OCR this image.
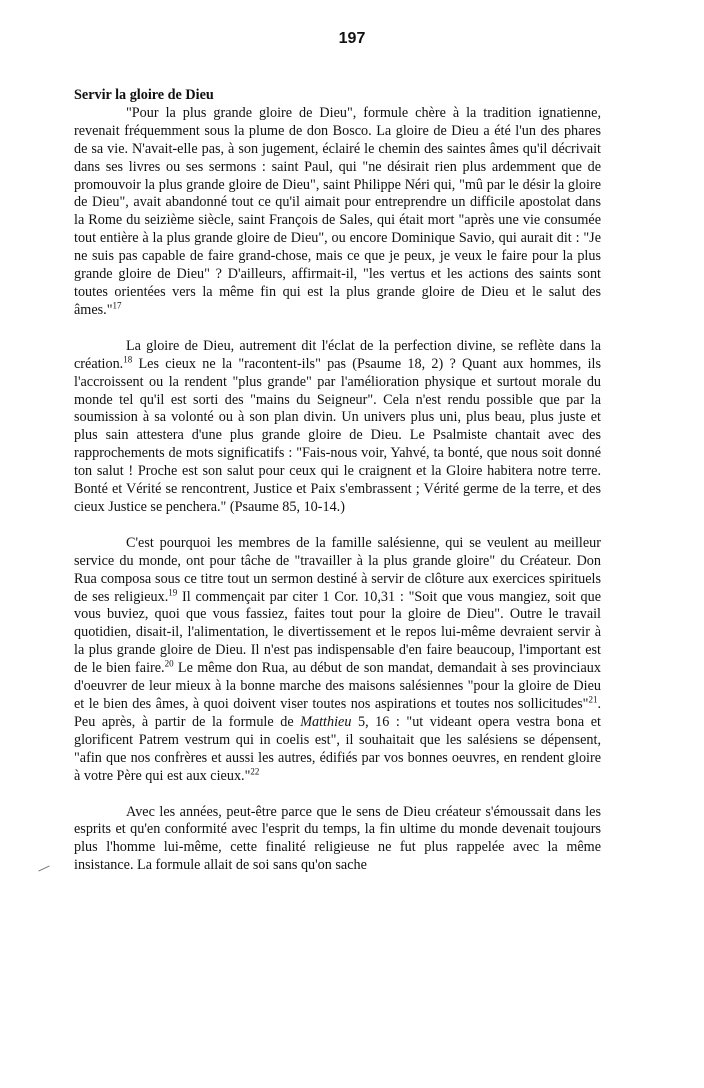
197

Servir la gloire de Dieu

"Pour la plus grande gloire de Dieu", formule chère à la tradition ignatienne, revenait fréquemment sous la plume de don Bosco. La gloire de Dieu a été l'un des phares de sa vie. N'avait-elle pas, à son jugement, éclairé le chemin des saintes âmes qu'il décrivait dans ses livres ou ses sermons : saint Paul, qui "ne désirait rien plus ardemment que de promouvoir la plus grande gloire de Dieu", saint Philippe Néri qui, "mû par le désir la gloire de Dieu", avait abandonné tout ce qu'il aimait pour entreprendre un difficile apostolat dans la Rome du seizième siècle, saint François de Sales, qui était mort "après une vie consumée tout entière à la plus grande gloire de Dieu", ou encore Dominique Savio, qui aurait dit : "Je ne suis pas capable de faire grand-chose, mais ce que je peux, je veux le faire pour la plus grande gloire de Dieu" ? D'ailleurs, affirmait-il, "les vertus et les actions des saints sont toutes orientées vers la même fin qui est la plus grande gloire de Dieu et le salut des âmes."$^{17}$

La gloire de Dieu, autrement dit l'éclat de la perfection divine, se reflète dans la création.$^{18}$ Les cieux ne la "racontent-ils" pas (Psaume 18, 2) ? Quant aux hommes, ils l'accroissent ou la rendent "plus grande" par l'amélioration physique et surtout morale du monde tel qu'il est sorti des "mains du Seigneur". Cela n'est rendu possible que par la soumission à sa volonté ou à son plan divin. Un univers plus uni, plus beau, plus juste et plus sain attestera d'une plus grande gloire de Dieu. Le Psalmiste chantait avec des rapprochements de mots significatifs : "Fais-nous voir, Yahvé, ta bonté, que nous soit donné ton salut ! Proche est son salut pour ceux qui le craignent et la Gloire habitera notre terre. Bonté et Vérité se rencontrent, Justice et Paix s'embrassent ; Vérité germe de la terre, et des cieux Justice se penchera." (Psaume 85, 10-14.)

C'est pourquoi les membres de la famille salésienne, qui se veulent au meilleur service du monde, ont pour tâche de "travailler à la plus grande gloire" du Créateur. Don Rua composa sous ce titre tout un sermon destiné à servir de clôture aux exercices spirituels de ses religieux.$^{19}$ Il commençait par citer 1 Cor. 10,31 : "Soit que vous mangiez, soit que vous buviez, quoi que vous fassiez, faites tout pour la gloire de Dieu". Outre le travail quotidien, disait-il, l'alimentation, le divertissement et le repos lui-même devraient servir à la plus grande gloire de Dieu. Il n'est pas indispensable d'en faire beaucoup, l'important est de le bien faire.$^{20}$ Le même don Rua, au début de son mandat, demandait à ses provinciaux d'oeuvrer de leur mieux à la bonne marche des maisons salésiennes "pour la gloire de Dieu et le bien des âmes, à quoi doivent viser toutes nos aspirations et toutes nos sollicitudes"$^{21}$. Peu après, à partir de la formule de Matthieu 5, 16 : "ut videant opera vestra bona et glorificent Patrem vestrum qui in coelis est", il souhaitait que les salésiens se dépensent, "afin que nos confrères et aussi les autres, édifiés par vos bonnes oeuvres, en rendent gloire à votre Père qui est aux cieux."$^{22}$

Avec les années, peut-être parce que le sens de Dieu créateur s'émoussait dans les esprits et qu'en conformité avec l'esprit du temps, la fin ultime du monde devenait toujours plus l'homme lui-même, cette finalité religieuse ne fut plus rappelée avec la même insistance. La formule allait de soi sans qu'on sache
